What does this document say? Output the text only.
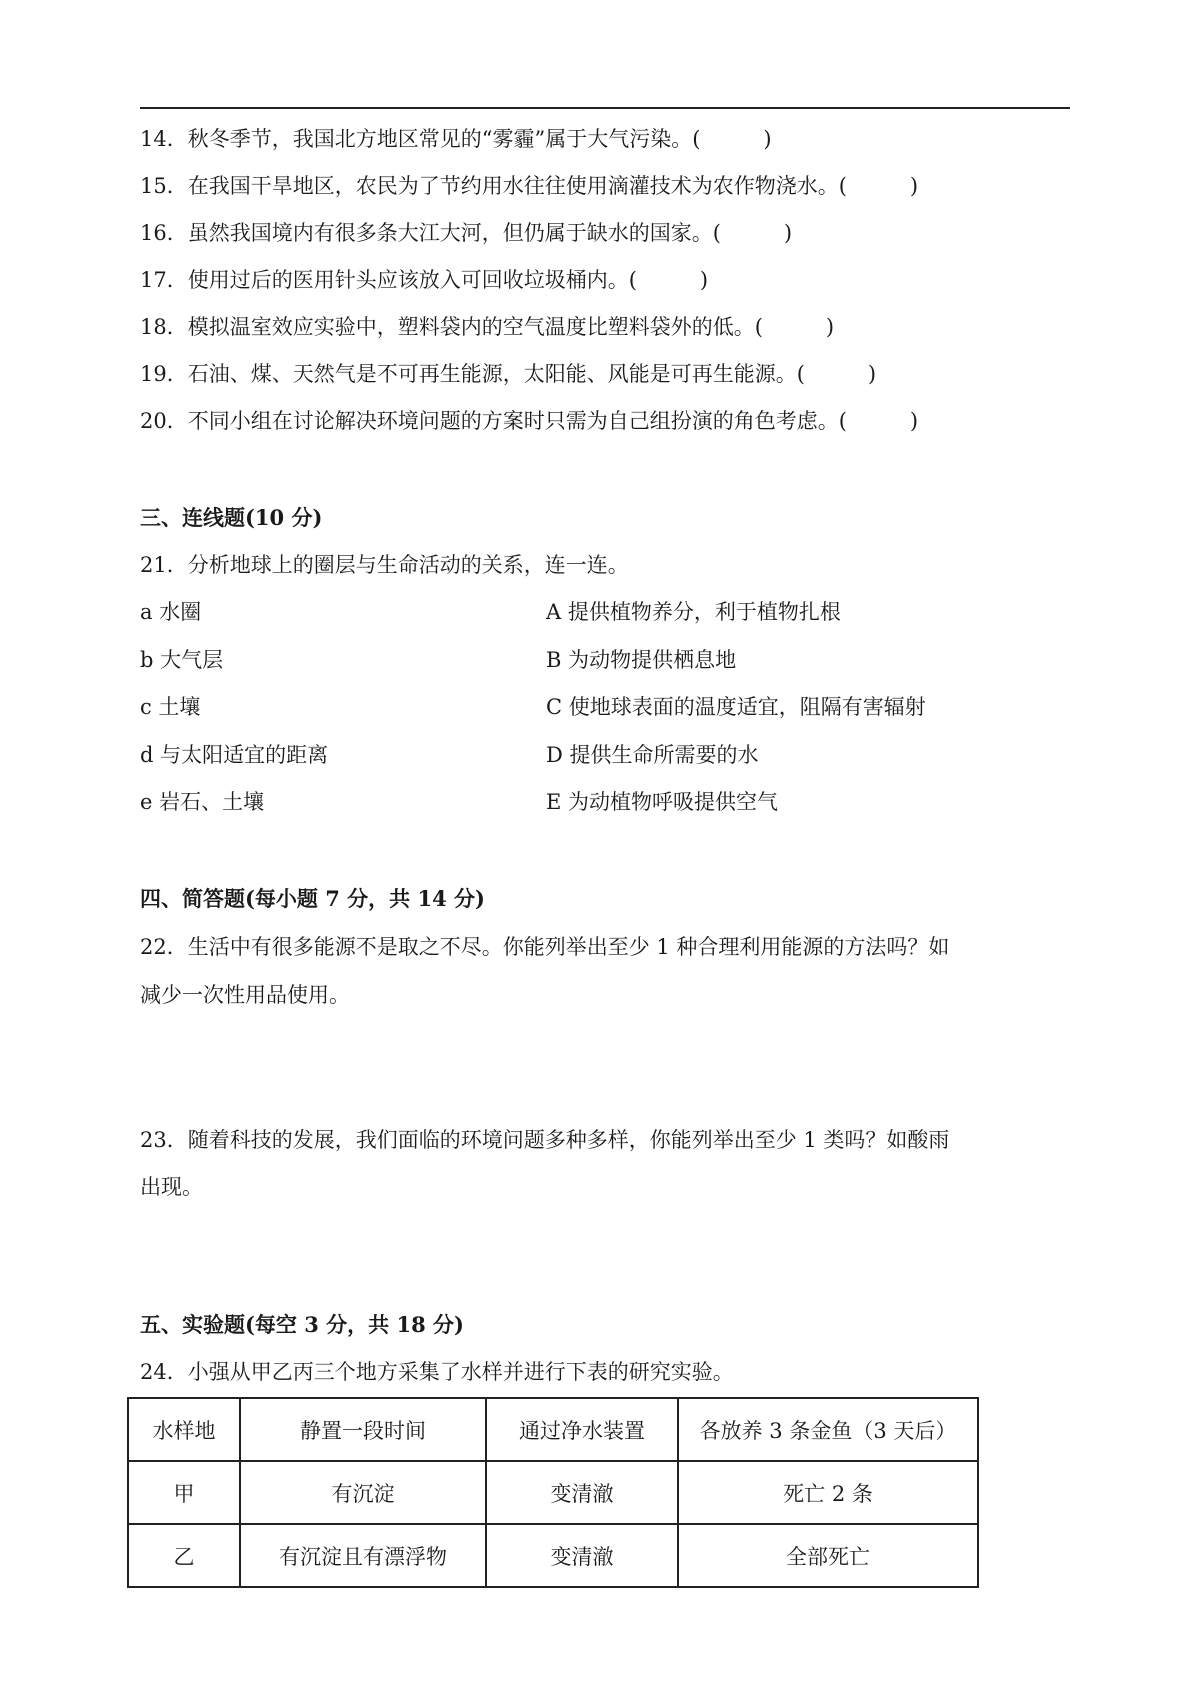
14．秋冬季节，我国北方地区常见的“雾霾”属于大气污染。(　　　)
15．在我国干旱地区，农民为了节约用水往往使用滴灌技术为农作物浇水。(　　　)
16．虽然我国境内有很多条大江大河，但仍属于缺水的国家。(　　　)
17．使用过后的医用针头应该放入可回收垃圾桶内。(　　　)
18．模拟温室效应实验中，塑料袋内的空气温度比塑料袋外的低。(　　　)
19．石油、煤、天然气是不可再生能源，太阳能、风能是可再生能源。(　　　)
20．不同小组在讨论解决环境问题的方案时只需为自己组扮演的角色考虑。(　　　)
三、连线题(10 分)
21．分析地球上的圈层与生命活动的关系，连一连。
a 水圈	A 提供植物养分，利于植物扎根
b 大气层	B 为动物提供栖息地
c 土壤	C 使地球表面的温度适宜，阻隔有害辐射
d 与太阳适宜的距离	D 提供生命所需要的水
e 岩石、土壤	E 为动植物呼吸提供空气
四、简答题(每小题 7 分，共 14 分)
22．生活中有很多能源不是取之不尽。你能列举出至少 1 种合理利用能源的方法吗？如
减少一次性用品使用。
23．随着科技的发展，我们面临的环境问题多种多样，你能列举出至少 1 类吗？如酸雨
出现。
五、实验题(每空 3 分，共 18 分)
24．小强从甲乙丙三个地方采集了水样并进行下表的研究实验。
水样地	静置一段时间	通过净水装置	各放养 3 条金鱼（3 天后）
甲	有沉淀	变清澈	死亡 2 条
乙	有沉淀且有漂浮物	变清澈	全部死亡
